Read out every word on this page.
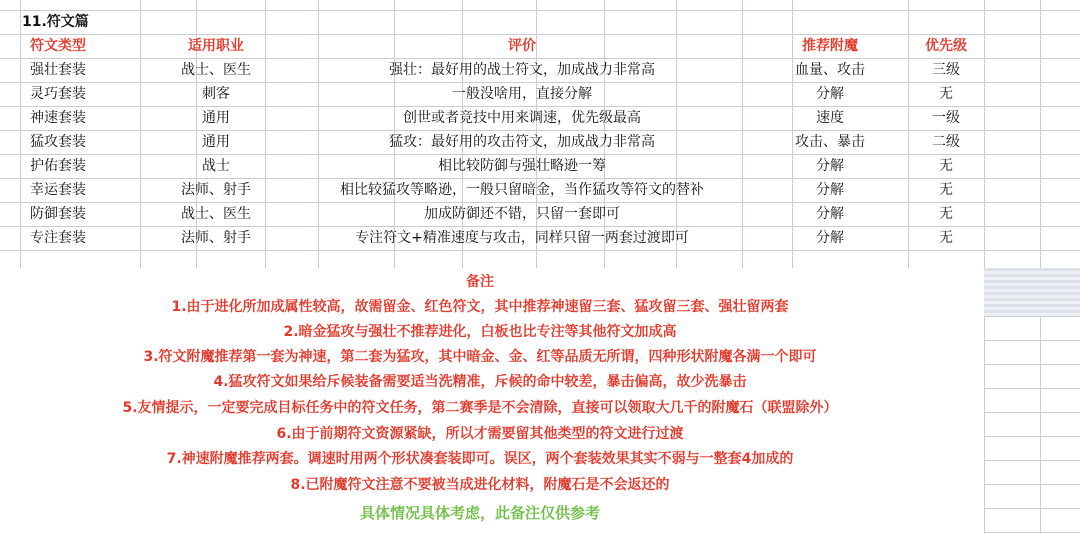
11.符文篇
符文类型	适用职业	评价	推荐附魔	优先级
强壮套装	战士、医生	强壮：最好用的战士符文，加成战力非常高	血量、攻击	三级
灵巧套装	刺客	一般没啥用，直接分解	分解	无
神速套装	通用	创世或者竞技中用来调速，优先级最高	速度	一级
猛攻套装	通用	猛攻：最好用的攻击符文，加成战力非常高	攻击、暴击	二级
护佑套装	战士	相比较防御与强壮略逊一筹	分解	无
幸运套装	法师、射手	相比较猛攻等略逊，一般只留暗金，当作猛攻等符文的替补	分解	无
防御套装	战士、医生	加成防御还不错，只留一套即可	分解	无
专注套装	法师、射手	专注符文+精准速度与攻击，同样只留一两套过渡即可	分解	无
备注
1.由于进化所加成属性较高，故需留金、红色符文，其中推荐神速留三套、猛攻留三套、强壮留两套
2.暗金猛攻与强壮不推荐进化，白板也比专注等其他符文加成高
3.符文附魔推荐第一套为神速，第二套为猛攻，其中暗金、金、红等品质无所谓，四种形状附魔各满一个即可
4.猛攻符文如果给斥候装备需要适当洗精准，斥候的命中较差，暴击偏高，故少洗暴击
5.友情提示，一定要完成目标任务中的符文任务，第二赛季是不会清除，直接可以领取大几千的附魔石（联盟除外）
6.由于前期符文资源紧缺，所以才需要留其他类型的符文进行过渡
7.神速附魔推荐两套。调速时用两个形状凑套装即可。误区，两个套装效果其实不弱与一整套4加成的
8.已附魔符文注意不要被当成进化材料，附魔石是不会返还的
具体情况具体考虑，此备注仅供参考
